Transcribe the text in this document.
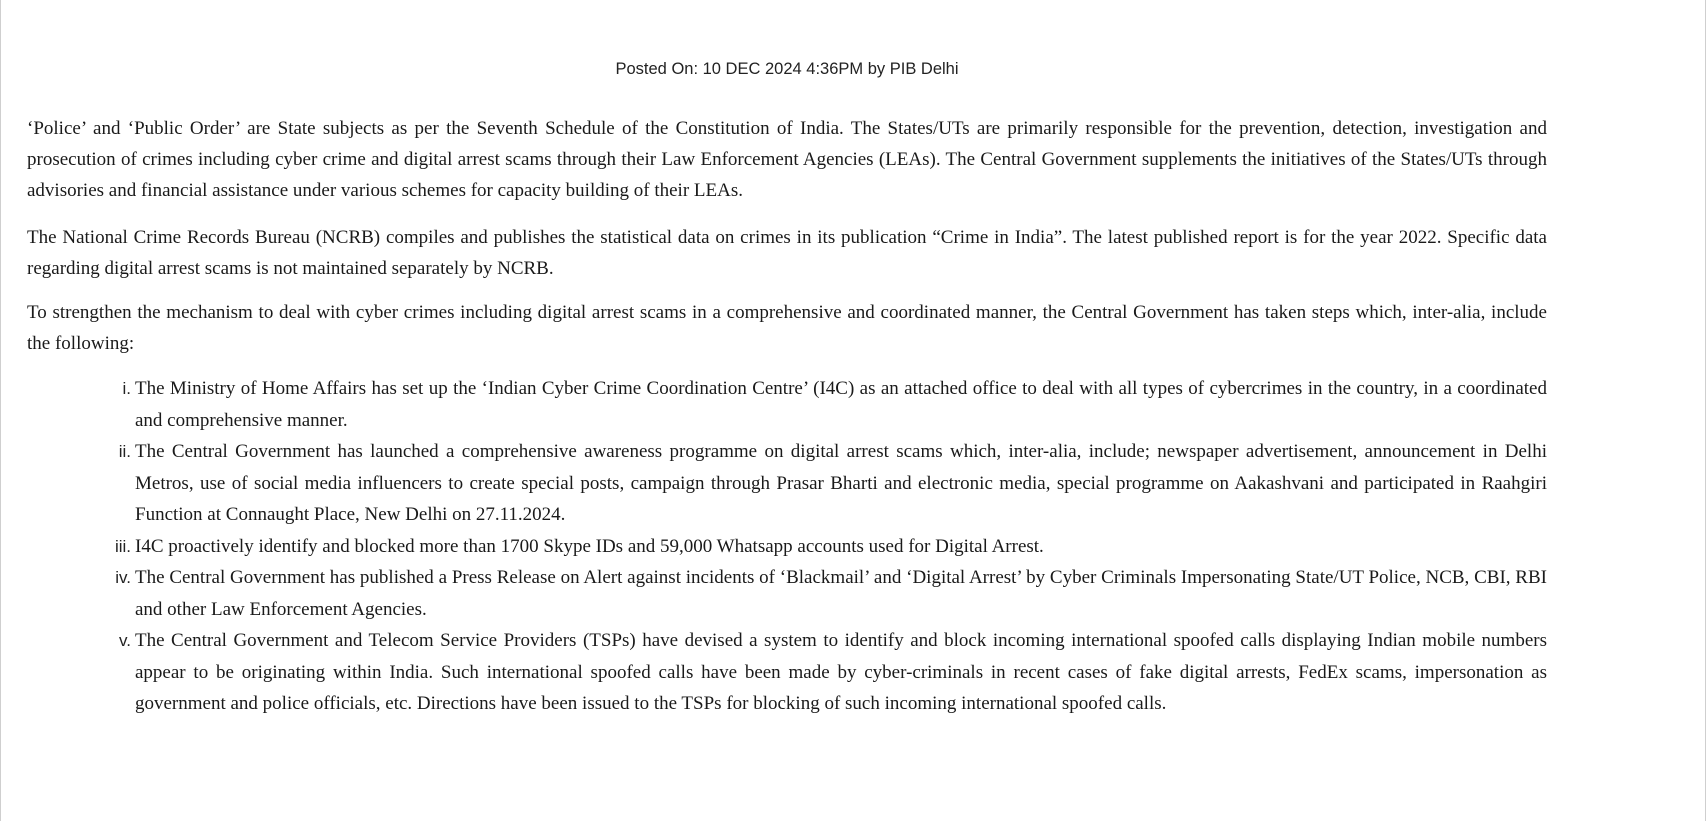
Posted On: 10 DEC 2024 4:36PM by PIB Delhi

‘Police’ and ‘Public Order’ are State subjects as per the Seventh Schedule of the Constitution of India. The States/UTs are primarily responsible for the prevention, detection, investigation and prosecution of crimes including cyber crime and digital arrest scams through their Law Enforcement Agencies (LEAs). The Central Government supplements the initiatives of the States/UTs through advisories and financial assistance under various schemes for capacity building of their LEAs.

The National Crime Records Bureau (NCRB) compiles and publishes the statistical data on crimes in its publication “Crime in India”. The latest published report is for the year 2022. Specific data regarding digital arrest scams is not maintained separately by NCRB.

To strengthen the mechanism to deal with cyber crimes including digital arrest scams in a comprehensive and coordinated manner, the Central Government has taken steps which, inter-alia, include the following:

i. The Ministry of Home Affairs has set up the ‘Indian Cyber Crime Coordination Centre’ (I4C) as an attached office to deal with all types of cybercrimes in the country, in a coordinated and comprehensive manner.
ii. The Central Government has launched a comprehensive awareness programme on digital arrest scams which, inter-alia, include; newspaper advertisement, announcement in Delhi Metros, use of social media influencers to create special posts, campaign through Prasar Bharti and electronic media, special programme on Aakashvani and participated in Raahgiri Function at Connaught Place, New Delhi on 27.11.2024.
iii. I4C proactively identify and blocked more than 1700 Skype IDs and 59,000 Whatsapp accounts used for Digital Arrest.
iv. The Central Government has published a Press Release on Alert against incidents of ‘Blackmail’ and ‘Digital Arrest’ by Cyber Criminals Impersonating State/UT Police, NCB, CBI, RBI and other Law Enforcement Agencies.
v. The Central Government and Telecom Service Providers (TSPs) have devised a system to identify and block incoming international spoofed calls displaying Indian mobile numbers appear to be originating within India. Such international spoofed calls have been made by cyber-criminals in recent cases of fake digital arrests, FedEx scams, impersonation as government and police officials, etc. Directions have been issued to the TSPs for blocking of such incoming international spoofed calls.
